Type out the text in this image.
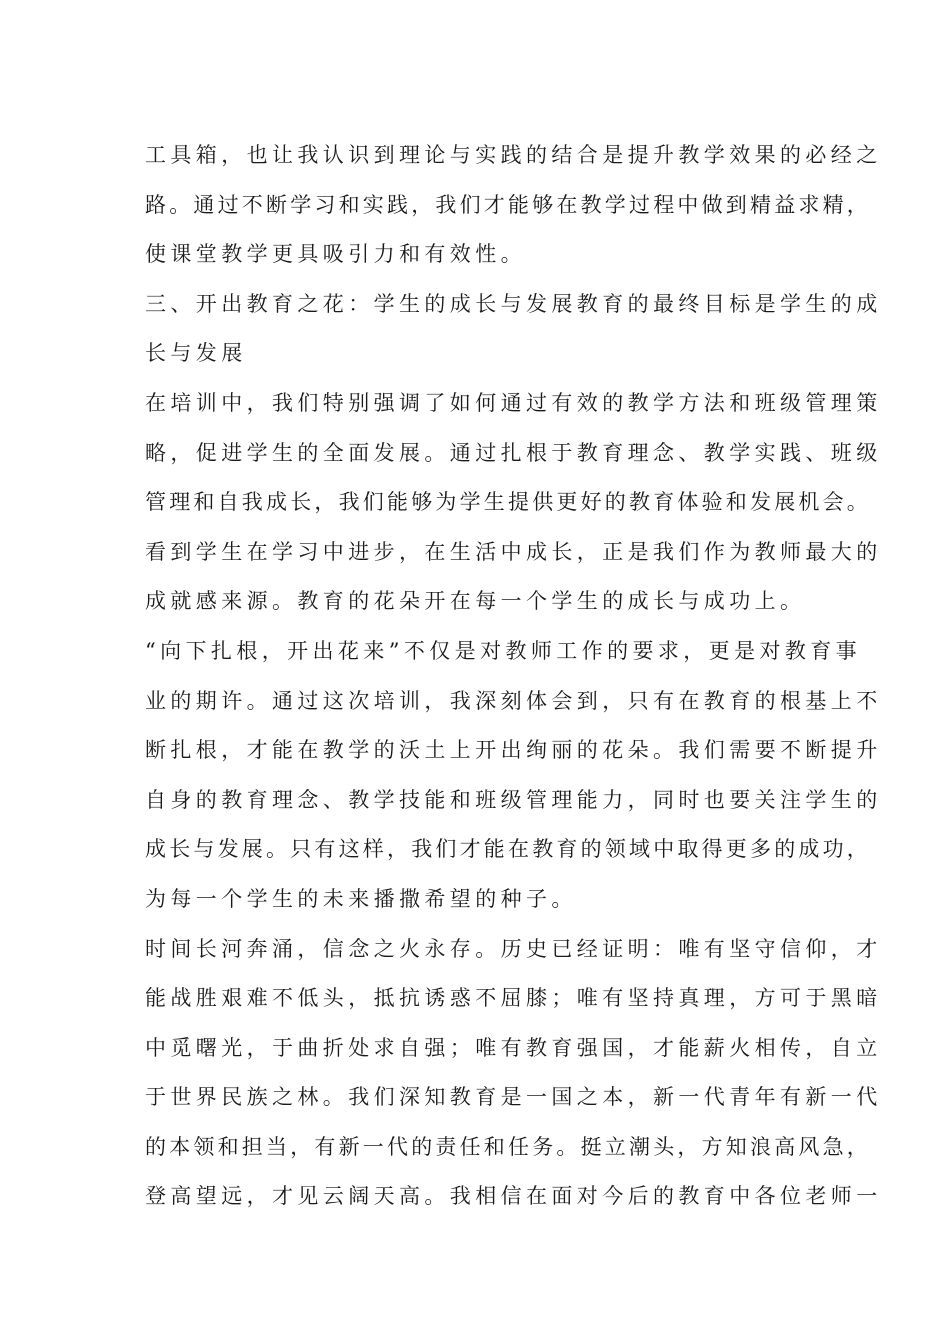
工具箱，也让我认识到理论与实践的结合是提升教学效果的必经之
路。通过不断学习和实践，我们才能够在教学过程中做到精益求精，
使课堂教学更具吸引力和有效性。
三、开出教育之花：学生的成长与发展教育的最终目标是学生的成
长与发展
在培训中，我们特别强调了如何通过有效的教学方法和班级管理策
略，促进学生的全面发展。通过扎根于教育理念、教学实践、班级
管理和自我成长，我们能够为学生提供更好的教育体验和发展机会。
看到学生在学习中进步，在生活中成长，正是我们作为教师最大的
成就感来源。教育的花朵开在每一个学生的成长与成功上。
“向下扎根，开出花来”不仅是对教师工作的要求，更是对教育事
业的期许。通过这次培训，我深刻体会到，只有在教育的根基上不
断扎根，才能在教学的沃土上开出绚丽的花朵。我们需要不断提升
自身的教育理念、教学技能和班级管理能力，同时也要关注学生的
成长与发展。只有这样，我们才能在教育的领域中取得更多的成功，
为每一个学生的未来播撒希望的种子。
时间长河奔涌，信念之火永存。历史已经证明：唯有坚守信仰，才
能战胜艰难不低头，抵抗诱惑不屈膝；唯有坚持真理，方可于黑暗
中觅曙光，于曲折处求自强；唯有教育强国，才能薪火相传，自立
于世界民族之林。我们深知教育是一国之本，新一代青年有新一代
的本领和担当，有新一代的责任和任务。挺立潮头，方知浪高风急，
登高望远，才见云阔天高。我相信在面对今后的教育中各位老师一
